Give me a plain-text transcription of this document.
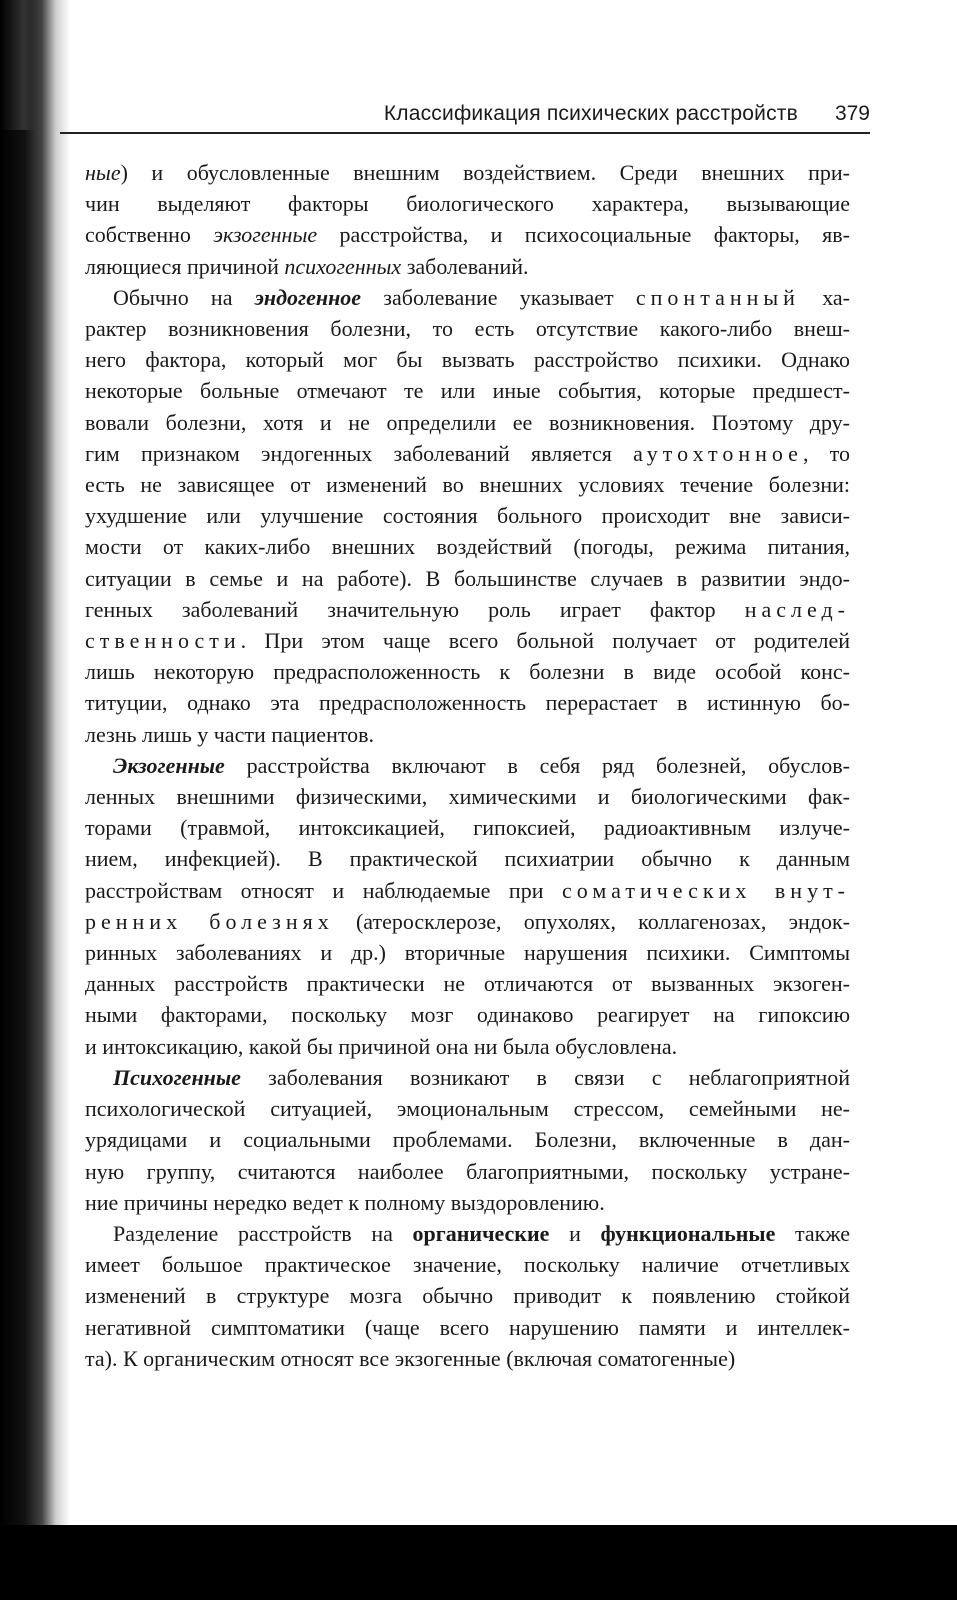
Классификация психических расстройств 379
ные) и обусловленные внешним воздействием. Среди внешних при-
чин выделяют факторы биологического характера, вызывающие
собственно экзогенные расстройства, и психосоциальные факторы, яв-
ляющиеся причиной психогенных заболеваний.
Обычно на эндогенное заболевание указывает спонтанный ха-
рактер возникновения болезни, то есть отсутствие какого-либо внеш-
него фактора, который мог бы вызвать расстройство психики. Однако
некоторые больные отмечают те или иные события, которые предшест-
вовали болезни, хотя и не определили ее возникновения. Поэтому дру-
гим признаком эндогенных заболеваний является аутохтонное, то
есть не зависящее от изменений во внешних условиях течение болезни:
ухудшение или улучшение состояния больного происходит вне зависи-
мости от каких-либо внешних воздействий (погоды, режима питания,
ситуации в семье и на работе). В большинстве случаев в развитии эндо-
генных заболеваний значительную роль играет фактор наслед-
ственности. При этом чаще всего больной получает от родителей
лишь некоторую предрасположенность к болезни в виде особой конс-
титуции, однако эта предрасположенность перерастает в истинную бо-
лезнь лишь у части пациентов.
Экзогенные расстройства включают в себя ряд болезней, обуслов-
ленных внешними физическими, химическими и биологическими фак-
торами (травмой, интоксикацией, гипоксией, радиоактивным излуче-
нием, инфекцией). В практической психиатрии обычно к данным
расстройствам относят и наблюдаемые при соматических внут-
ренних болезнях (атеросклерозе, опухолях, коллагенозах, эндок-
ринных заболеваниях и др.) вторичные нарушения психики. Симптомы
данных расстройств практически не отличаются от вызванных экзоген-
ными факторами, поскольку мозг одинаково реагирует на гипоксию
и интоксикацию, какой бы причиной она ни была обусловлена.
Психогенные заболевания возникают в связи с неблагоприятной
психологической ситуацией, эмоциональным стрессом, семейными не-
урядицами и социальными проблемами. Болезни, включенные в дан-
ную группу, считаются наиболее благоприятными, поскольку устране-
ние причины нередко ведет к полному выздоровлению.
Разделение расстройств на органические и функциональные также
имеет большое практическое значение, поскольку наличие отчетливых
изменений в структуре мозга обычно приводит к появлению стойкой
негативной симптоматики (чаще всего нарушению памяти и интеллек-
та). К органическим относят все экзогенные (включая соматогенные)
